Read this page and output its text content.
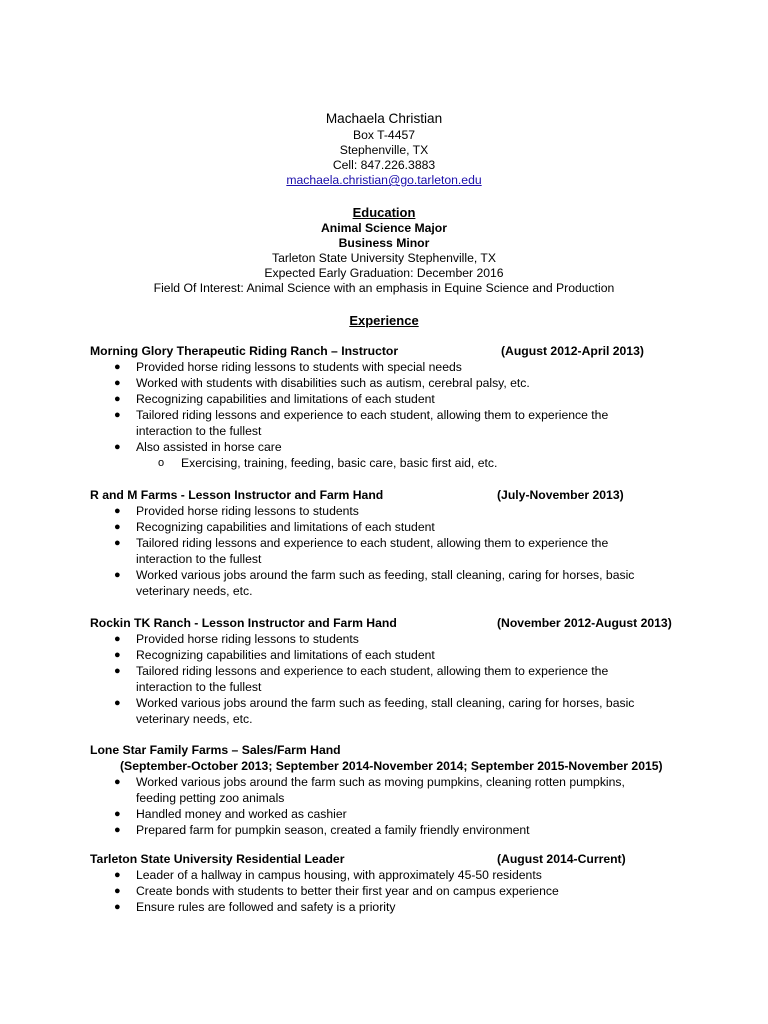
Machaela Christian
Box T-4457
Stephenville, TX
Cell: 847.226.3883
machaela.christian@go.tarleton.edu
Education
Animal Science Major
Business Minor
Tarleton State University Stephenville, TX
Expected Early Graduation: December 2016
Field Of Interest: Animal Science with an emphasis in Equine Science and Production
Experience
Morning Glory Therapeutic Riding Ranch – Instructor	(August 2012-April 2013)
● Provided horse riding lessons to students with special needs
● Worked with students with disabilities such as autism, cerebral palsy, etc.
● Recognizing capabilities and limitations of each student
● Tailored riding lessons and experience to each student, allowing them to experience the interaction to the fullest
● Also assisted in horse care
o Exercising, training, feeding, basic care, basic first aid, etc.
R and M Farms - Lesson Instructor and Farm Hand	(July-November 2013)
● Provided horse riding lessons to students
● Recognizing capabilities and limitations of each student
● Tailored riding lessons and experience to each student, allowing them to experience the interaction to the fullest
● Worked various jobs around the farm such as feeding, stall cleaning, caring for horses, basic veterinary needs, etc.
Rockin TK Ranch - Lesson Instructor and Farm Hand	(November 2012-August 2013)
● Provided horse riding lessons to students
● Recognizing capabilities and limitations of each student
● Tailored riding lessons and experience to each student, allowing them to experience the interaction to the fullest
● Worked various jobs around the farm such as feeding, stall cleaning, caring for horses, basic veterinary needs, etc.
Lone Star Family Farms – Sales/Farm Hand
(September-October 2013; September 2014-November 2014; September 2015-November 2015)
● Worked various jobs around the farm such as moving pumpkins, cleaning rotten pumpkins, feeding petting zoo animals
● Handled money and worked as cashier
● Prepared farm for pumpkin season, created a family friendly environment
Tarleton State University Residential Leader	(August 2014-Current)
● Leader of a hallway in campus housing, with approximately 45-50 residents
● Create bonds with students to better their first year and on campus experience
● Ensure rules are followed and safety is a priority
